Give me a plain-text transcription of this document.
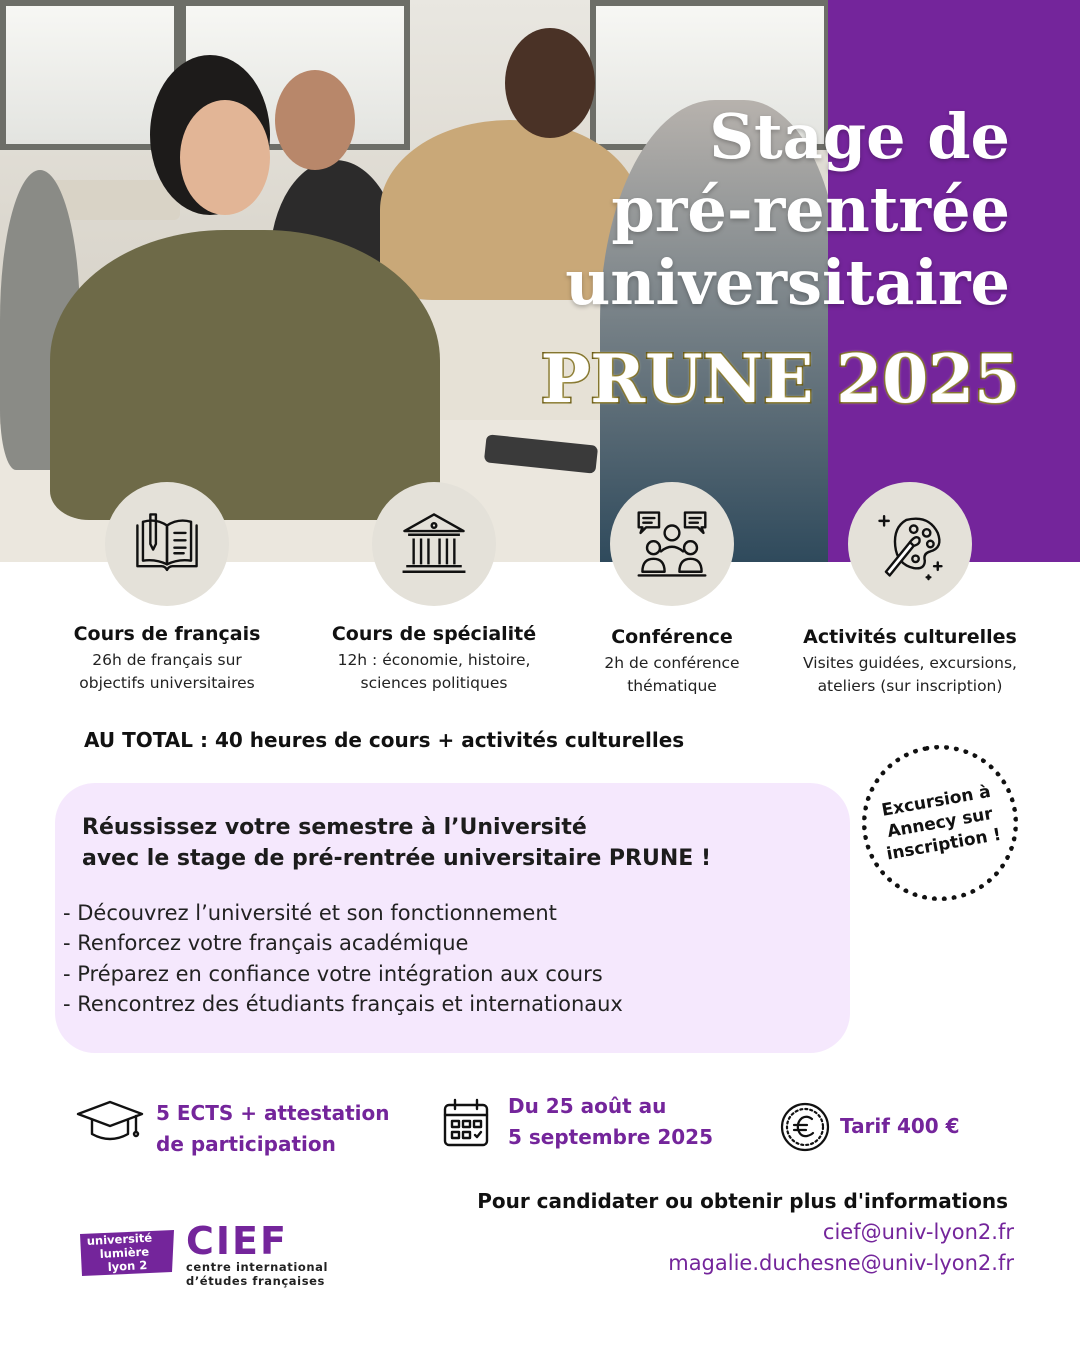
Stage de
pré-rentrée
universitaire
PRUNE 2025
Cours de français
26h de français sur
objectifs universitaires
Cours de spécialité
12h : économie, histoire,
sciences politiques
Conférence
2h de conférence
thématique
Activités culturelles
Visites guidées, excursions,
ateliers (sur inscription)
AU TOTAL : 40 heures de cours + activités culturelles
Réussissez votre semestre à l’Université
avec le stage de pré-rentrée universitaire PRUNE !
- Découvrez l’université et son fonctionnement
- Renforcez votre français académique
- Préparez en confiance votre intégration aux cours
- Rencontrez des étudiants français et internationaux
Excursion à
Annecy sur
inscription !
5 ECTS + attestation
de participation
Du 25 août au
5 septembre 2025	Tarif 400 €
Pour candidater ou obtenir plus d'informations
cief@univ-lyon2.fr
magalie.duchesne@univ-lyon2.fr
université
lumière
lyon 2
CIEF
centre international
d’études françaises
